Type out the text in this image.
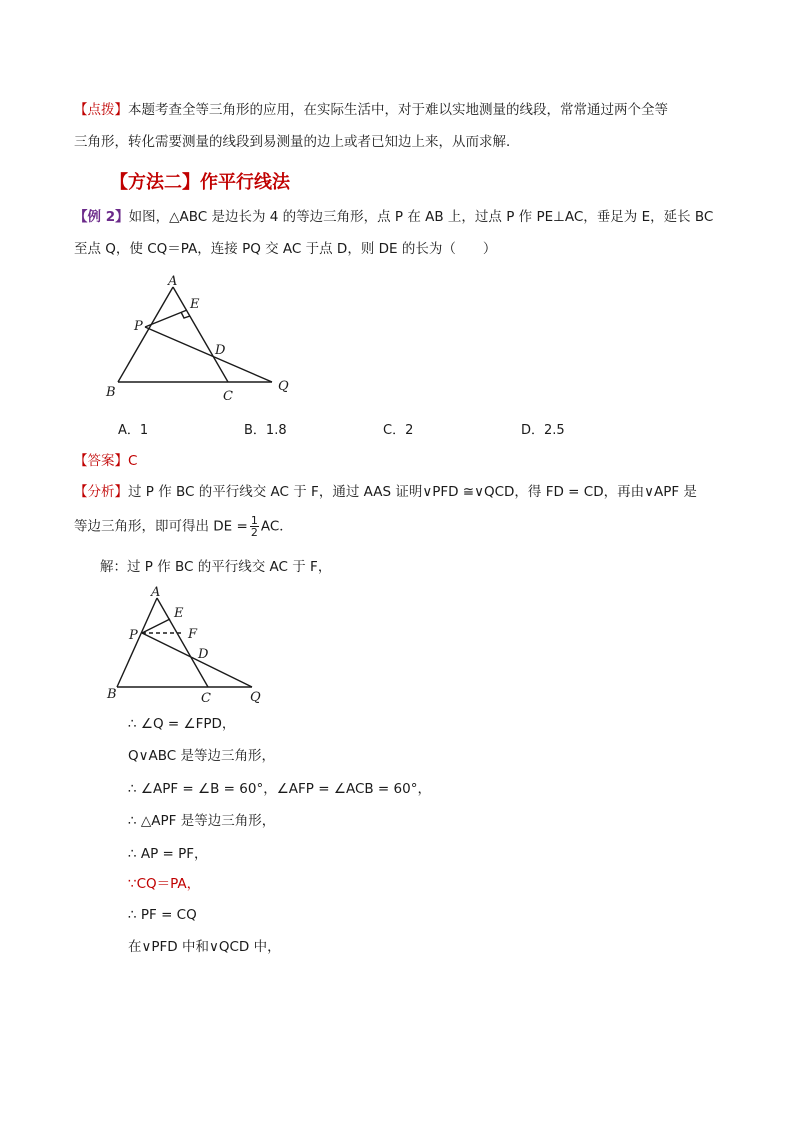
【点拨】本题考查全等三角形的应用，在实际生活中，对于难以实地测量的线段，常常通过两个全等
三角形，转化需要测量的线段到易测量的边上或者已知边上来，从而求解．
【方法二】作平行线法
【例 2】如图，△ABC 是边长为 4 的等边三角形，点 P 在 AB 上，过点 P 作 PE⊥AC，垂足为 E，延长 BC
至点 Q，使 CQ＝PA，连接 PQ 交 AC 于点 D，则 DE 的长为（　　）
A
E
P
D
B	C
Q
A．1	B．1.8	C．2	D．2.5
【答案】C
【分析】过 P 作 BC 的平行线交 AC 于 F，通过 AAS 证明∨PFD ≅∨QCD，得 FD = CD，再由∨APF 是
等边三角形，即可得出 DE = $\frac{1}{2}$ AC．
解：过 P 作 BC 的平行线交 AC 于 F，
A
E
P	F
D
B	C	Q
∴ ∠Q = ∠FPD，
Q∨ABC 是等边三角形，
∴ ∠APF = ∠B = 60°，∠AFP = ∠ACB = 60°，
∴ △APF 是等边三角形，
∴ AP = PF，
∵CQ＝PA，
∴ PF = CQ
在∨PFD 中和∨QCD 中，
